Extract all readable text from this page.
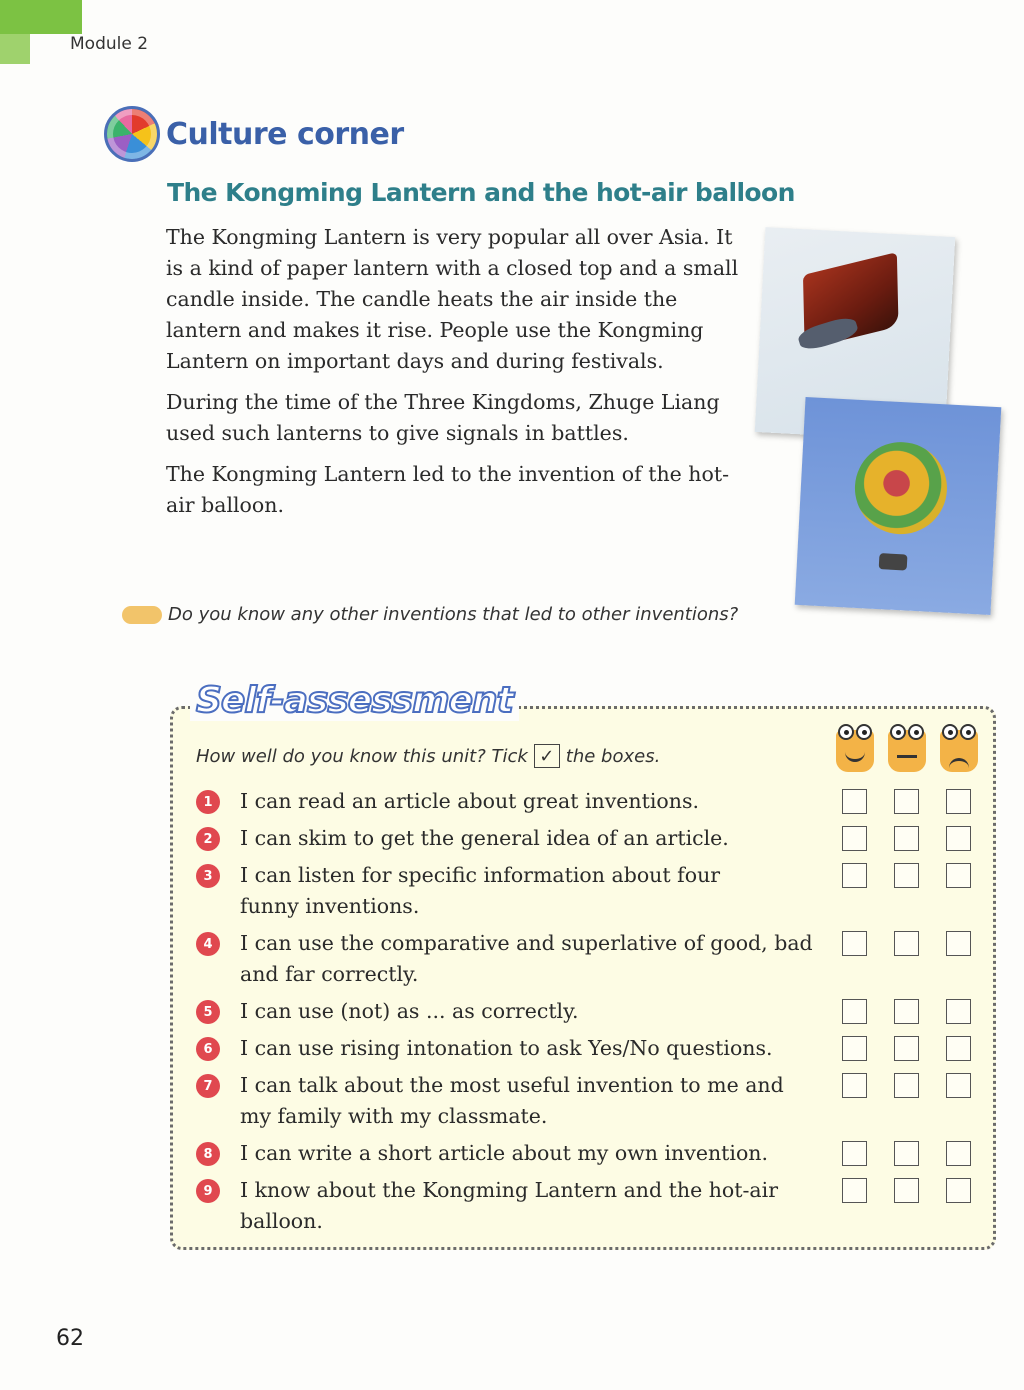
Module 2
Culture corner
The Kongming Lantern and the hot-air balloon

The Kongming Lantern is very popular all over Asia. It is a kind of paper lantern with a closed top and a small candle inside. The candle heats the air inside the lantern and makes it rise. People use the Kongming Lantern on important days and during festivals.

During the time of the Three Kingdoms, Zhuge Liang used such lanterns to give signals in battles.

The Kongming Lantern led to the invention of the hot-air balloon.

Do you know any other inventions that led to other inventions?
Self-assessment
How well do you know this unit? Tick ✓ the boxes.
1	I can read an article about great inventions.
2	I can skim to get the general idea of an article.
3	I can listen for specific information about four funny inventions.
4	I can use the comparative and superlative of good, bad and far correctly.
5	I can use (not) as ... as correctly.
6	I can use rising intonation to ask Yes/No questions.
7	I can talk about the most useful invention to me and my family with my classmate.
8	I can write a short article about my own invention.
9	I know about the Kongming Lantern and the hot-air balloon.
62
